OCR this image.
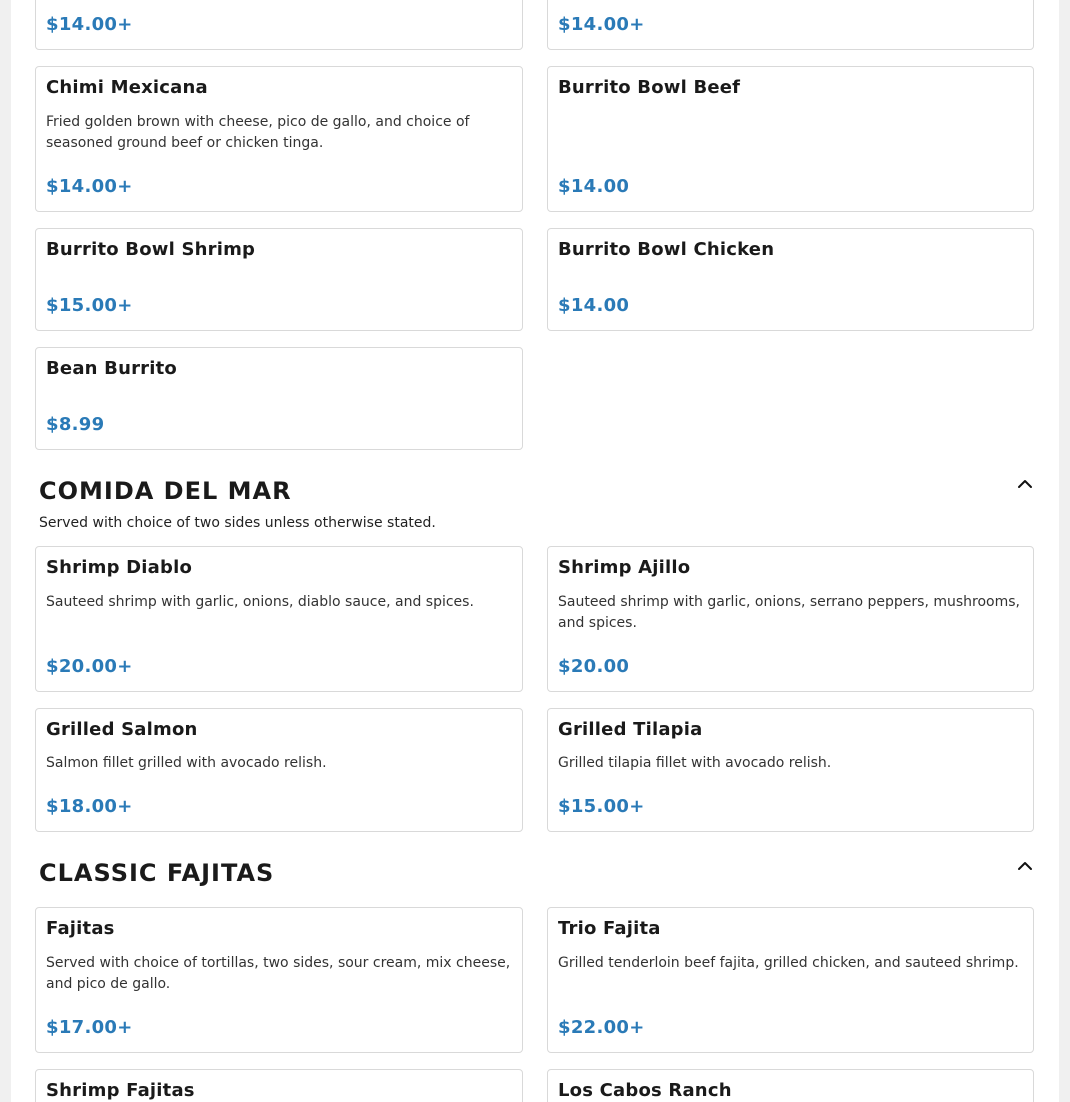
$14.00+	$14.00+
Chimi Mexicana
Fried golden brown with cheese, pico de gallo, and choice of seasoned ground beef or chicken tinga.
$14.00+
Burrito Bowl Beef
$14.00
Burrito Bowl Shrimp
$15.00+
Burrito Bowl Chicken
$14.00
Bean Burrito
$8.99
COMIDA DEL MAR
Served with choice of two sides unless otherwise stated.
Shrimp Diablo
Sauteed shrimp with garlic, onions, diablo sauce, and spices.
$20.00+
Shrimp Ajillo
Sauteed shrimp with garlic, onions, serrano peppers, mushrooms, and spices.
$20.00
Grilled Salmon
Salmon fillet grilled with avocado relish.
$18.00+
Grilled Tilapia
Grilled tilapia fillet with avocado relish.
$15.00+
CLASSIC FAJITAS
Fajitas
Served with choice of tortillas, two sides, sour cream, mix cheese, and pico de gallo.
$17.00+
Trio Fajita
Grilled tenderloin beef fajita, grilled chicken, and sauteed shrimp.
$22.00+
Shrimp Fajitas	Los Cabos Ranch
